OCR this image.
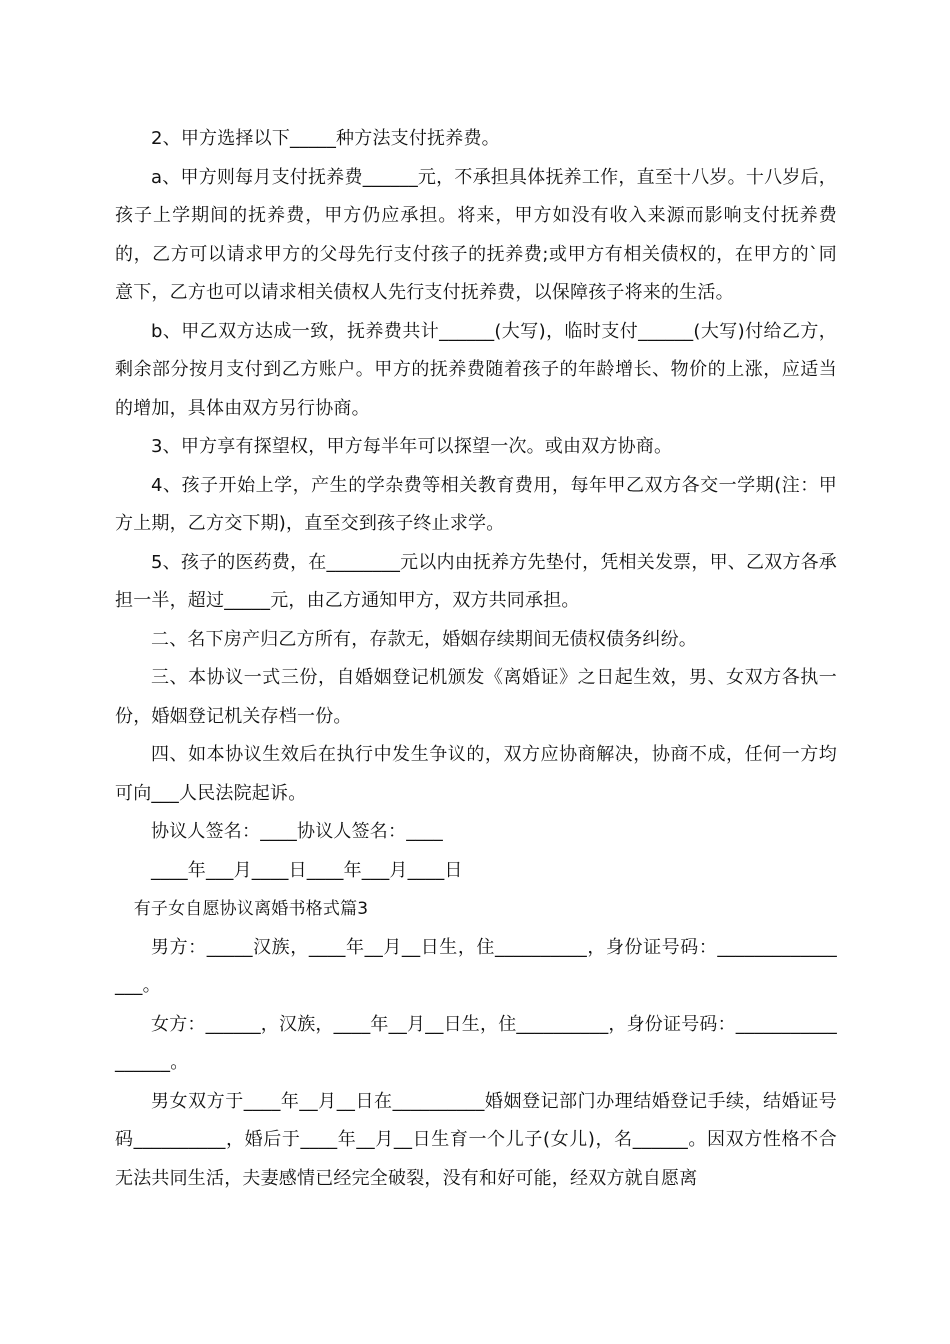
2、甲方选择以下_____种方法支付抚养费。

a、甲方则每月支付抚养费______元，不承担具体抚养工作，直至十八岁。十八岁后，孩子上学期间的抚养费，甲方仍应承担。将来，甲方如没有收入来源而影响支付抚养费的，乙方可以请求甲方的父母先行支付孩子的抚养费;或甲方有相关债权的，在甲方的`同意下，乙方也可以请求相关债权人先行支付抚养费，以保障孩子将来的生活。

b、甲乙双方达成一致，抚养费共计______(大写)，临时支付______(大写)付给乙方，剩余部分按月支付到乙方账户。甲方的抚养费随着孩子的年龄增长、物价的上涨，应适当的增加，具体由双方另行协商。

3、甲方享有探望权，甲方每半年可以探望一次。或由双方协商。

4、孩子开始上学，产生的学杂费等相关教育费用，每年甲乙双方各交一学期(注：甲方上期，乙方交下期)，直至交到孩子终止求学。

5、孩子的医药费，在________元以内由抚养方先垫付，凭相关发票，甲、乙双方各承担一半，超过_____元，由乙方通知甲方，双方共同承担。

二、名下房产归乙方所有，存款无，婚姻存续期间无债权债务纠纷。

三、本协议一式三份，自婚姻登记机颁发《离婚证》之日起生效，男、女双方各执一份，婚姻登记机关存档一份。

四、如本协议生效后在执行中发生争议的，双方应协商解决，协商不成，任何一方均可向___人民法院起诉。

协议人签名：____协议人签名：____

____年___月____日____年___月____日

有子女自愿协议离婚书格式篇3

男方：_____汉族，____年__月__日生，住__________，身份证号码：________________。

女方：______，汉族，____年__月__日生，住__________，身份证号码：_________________。

男女双方于____年__月__日在__________婚姻登记部门办理结婚登记手续，结婚证号码__________，婚后于____年__月__日生育一个儿子(女儿)，名______。因双方性格不合无法共同生活，夫妻感情已经完全破裂，没有和好可能，经双方就自愿离
